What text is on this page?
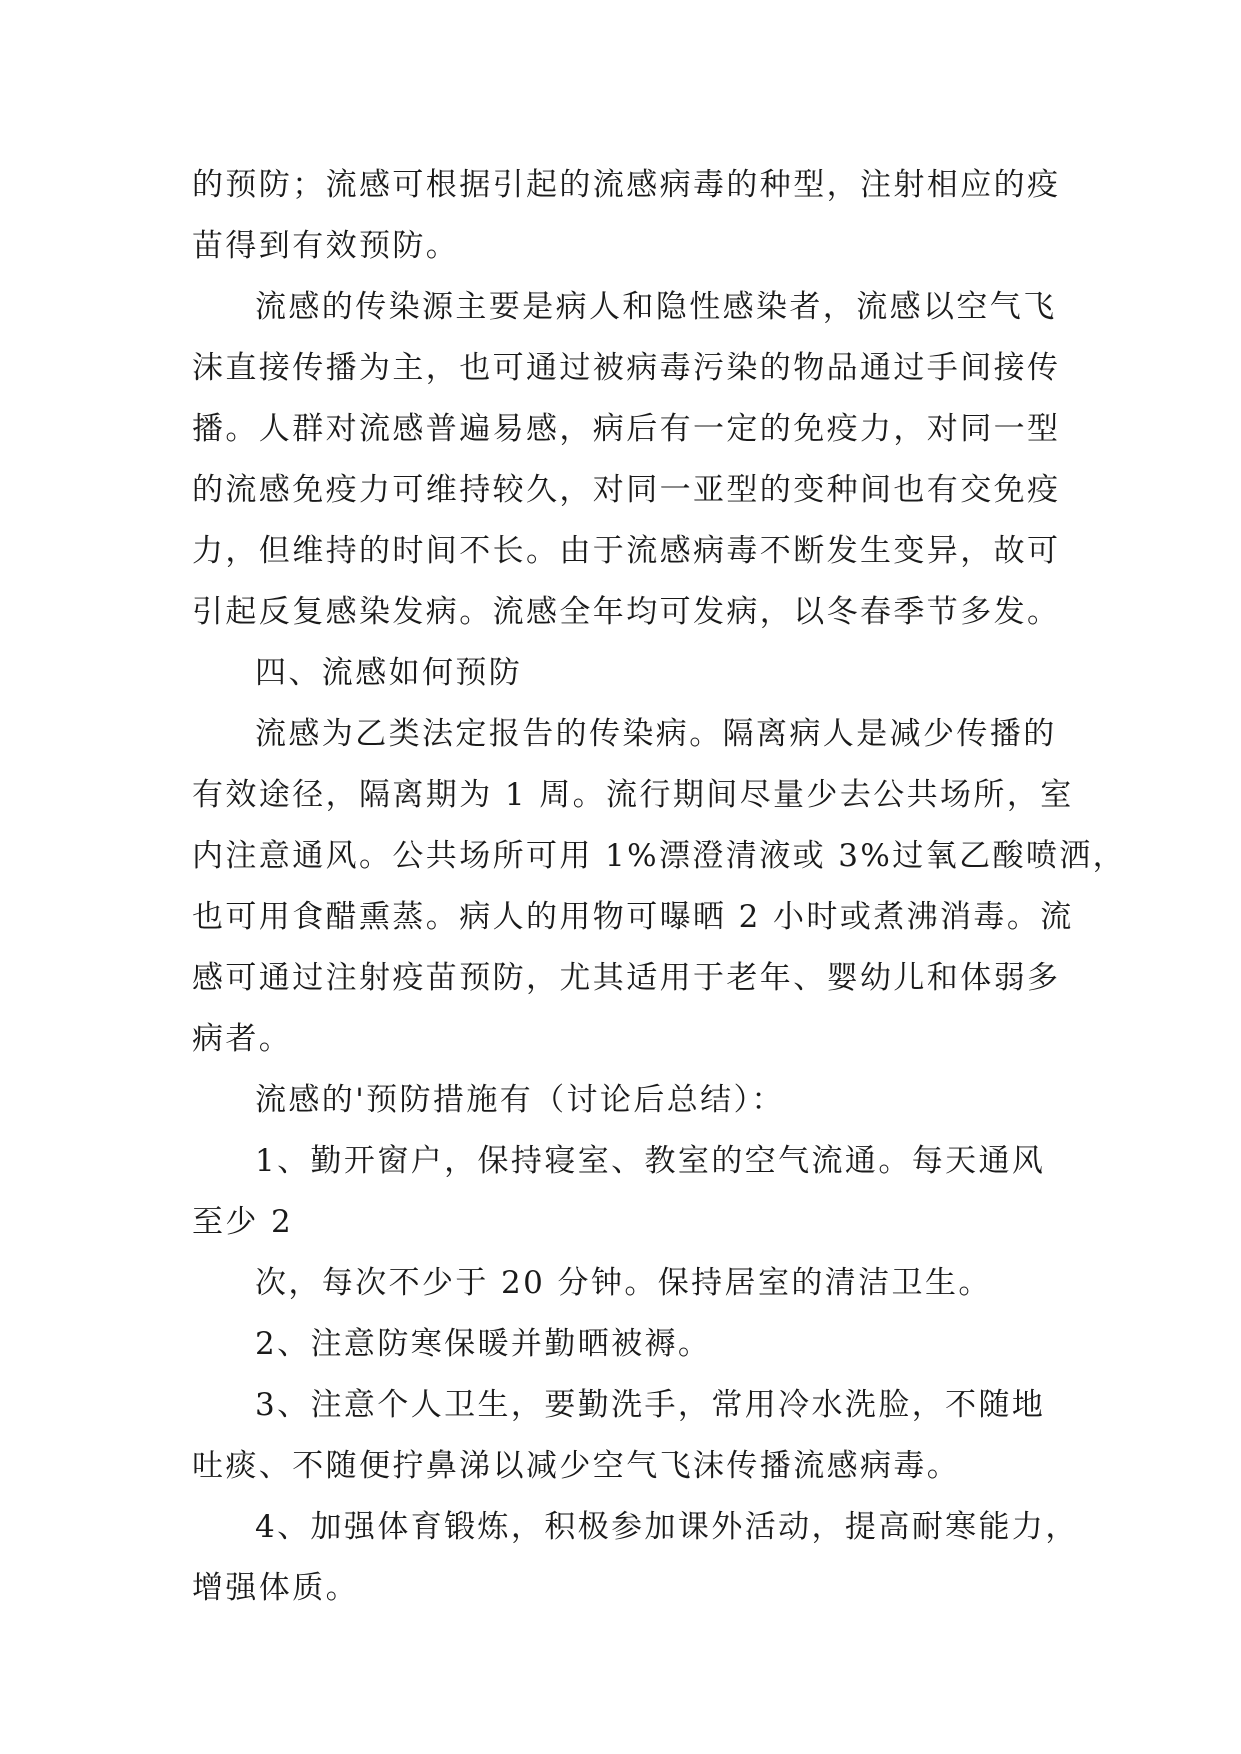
的预防；流感可根据引起的流感病毒的种型，注射相应的疫

苗得到有效预防。

流感的传染源主要是病人和隐性感染者，流感以空气飞

沫直接传播为主，也可通过被病毒污染的物品通过手间接传

播。人群对流感普遍易感，病后有一定的免疫力，对同一型

的流感免疫力可维持较久，对同一亚型的变种间也有交免疫

力，但维持的时间不长。由于流感病毒不断发生变异，故可

引起反复感染发病。流感全年均可发病，以冬春季节多发。

四、流感如何预防

流感为乙类法定报告的传染病。隔离病人是减少传播的

有效途径，隔离期为 1 周。流行期间尽量少去公共场所，室

内注意通风。公共场所可用 1%漂澄清液或 3%过氧乙酸喷洒，

也可用食醋熏蒸。病人的用物可曝晒 2 小时或煮沸消毒。流

感可通过注射疫苗预防，尤其适用于老年、婴幼儿和体弱多

病者。

流感的'预防措施有（讨论后总结）：

1、勤开窗户，保持寝室、教室的空气流通。每天通风

至少 2

次，每次不少于 20 分钟。保持居室的清洁卫生。

2、注意防寒保暖并勤晒被褥。

3、注意个人卫生，要勤洗手，常用冷水洗脸，不随地

吐痰、不随便拧鼻涕以减少空气飞沫传播流感病毒。

4、加强体育锻炼，积极参加课外活动，提高耐寒能力，

增强体质。
